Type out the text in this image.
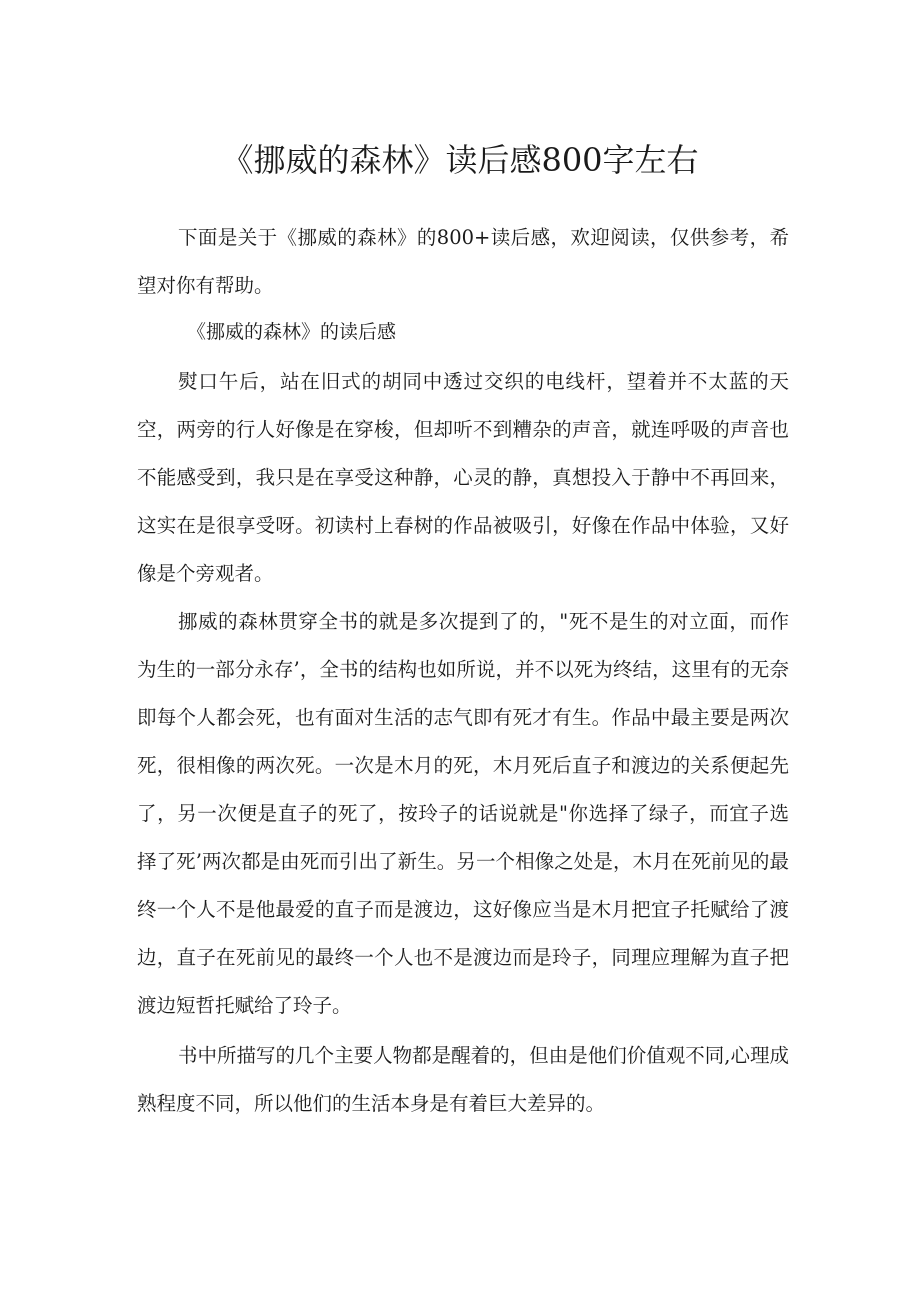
《挪威的森林》读后感800字左右

下面是关于《挪威的森林》的800+读后感，欢迎阅读，仅供参考，希望对你有帮助。

《挪威的森林》的读后感

熨口午后，站在旧式的胡同中透过交织的电线杆，望着并不太蓝的天空，两旁的行人好像是在穿梭，但却听不到糟杂的声音，就连呼吸的声音也不能感受到，我只是在享受这种静，心灵的静，真想投入于静中不再回来，这实在是很享受呀。初读村上春树的作品被吸引，好像在作品中体验，又好像是个旁观者。

挪威的森林贯穿全书的就是多次提到了的，"死不是生的对立面，而作为生的一部分永存’，全书的结构也如所说，并不以死为终结，这里有的无奈即每个人都会死，也有面对生活的志气即有死才有生。作品中最主要是两次死，很相像的两次死。一次是木月的死，木月死后直子和渡边的关系便起先了，另一次便是直子的死了，按玲子的话说就是"你选择了绿子，而宜子选择了死’两次都是由死而引出了新生。另一个相像之处是，木月在死前见的最终一个人不是他最爱的直子而是渡边，这好像应当是木月把宜子托赋给了渡边，直子在死前见的最终一个人也不是渡边而是玲子，同理应理解为直子把渡边短哲托赋给了玲子。

书中所描写的几个主要人物都是醒着的，但由是他们价值观不同,心理成熟程度不同，所以他们的生活本身是有着巨大差异的。
